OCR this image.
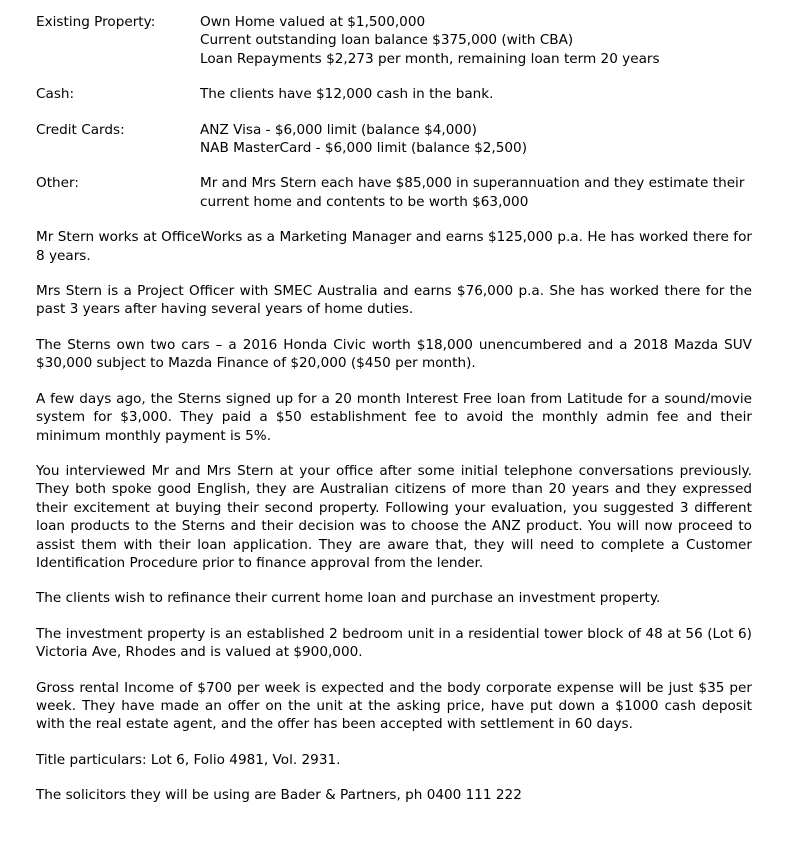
Existing Property:	Own Home valued at $1,500,000
Current outstanding loan balance $375,000 (with CBA)
Loan Repayments $2,273 per month, remaining loan term 20 years
Cash:	The clients have $12,000 cash in the bank.
Credit Cards:	ANZ Visa - $6,000 limit (balance $4,000)
NAB MasterCard - $6,000 limit (balance $2,500)
Other:	Mr and Mrs Stern each have $85,000 in superannuation and they estimate their current home and contents to be worth $63,000

Mr Stern works at OfficeWorks as a Marketing Manager and earns $125,000 p.a. He has worked there for 8 years.

Mrs Stern is a Project Officer with SMEC Australia and earns $76,000 p.a. She has worked there for the past 3 years after having several years of home duties.

The Sterns own two cars – a 2016 Honda Civic worth $18,000 unencumbered and a 2018 Mazda SUV $30,000 subject to Mazda Finance of $20,000 ($450 per month).

A few days ago, the Sterns signed up for a 20 month Interest Free loan from Latitude for a sound/movie system for $3,000. They paid a $50 establishment fee to avoid the monthly admin fee and their minimum monthly payment is 5%.

You interviewed Mr and Mrs Stern at your office after some initial telephone conversations previously. They both spoke good English, they are Australian citizens of more than 20 years and they expressed their excitement at buying their second property. Following your evaluation, you suggested 3 different loan products to the Sterns and their decision was to choose the ANZ product. You will now proceed to assist them with their loan application. They are aware that, they will need to complete a Customer Identification Procedure prior to finance approval from the lender.

The clients wish to refinance their current home loan and purchase an investment property.

The investment property is an established 2 bedroom unit in a residential tower block of 48 at 56 (Lot 6) Victoria Ave, Rhodes and is valued at $900,000.

Gross rental Income of $700 per week is expected and the body corporate expense will be just $35 per week. They have made an offer on the unit at the asking price, have put down a $1000 cash deposit with the real estate agent, and the offer has been accepted with settlement in 60 days.

Title particulars: Lot 6, Folio 4981, Vol. 2931.

The solicitors they will be using are Bader & Partners, ph 0400 111 222
